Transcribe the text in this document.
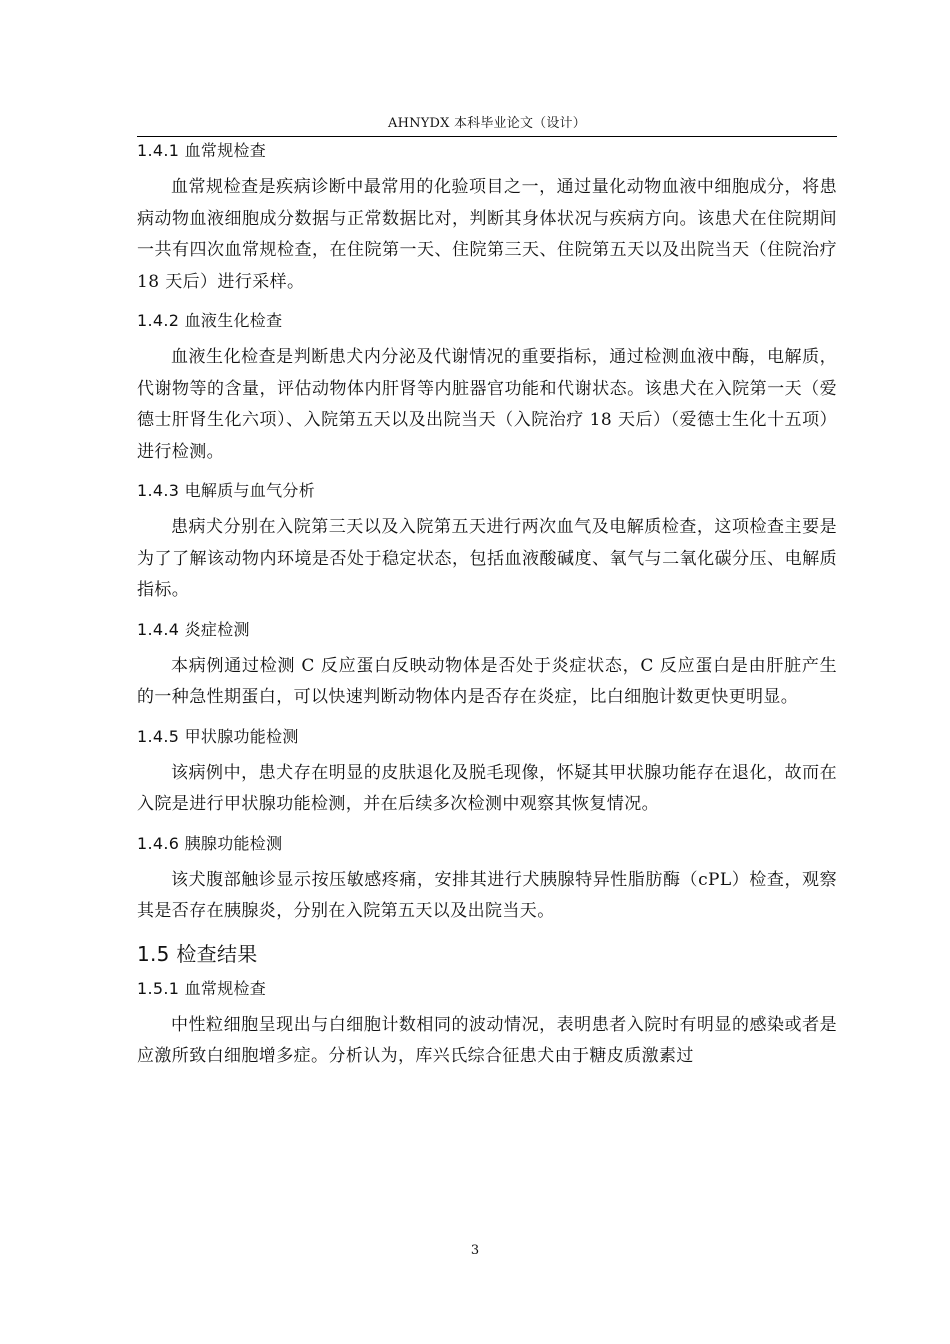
AHNYDX 本科毕业论文（设计）
1.4.1 血常规检查

血常规检查是疾病诊断中最常用的化验项目之一，通过量化动物血液中细胞成分，将患病动物血液细胞成分数据与正常数据比对，判断其身体状况与疾病方向。该患犬在住院期间一共有四次血常规检查，在住院第一天、住院第三天、住院第五天以及出院当天（住院治疗 18 天后）进行采样。

1.4.2 血液生化检查

血液生化检查是判断患犬内分泌及代谢情况的重要指标，通过检测血液中酶，电解质，代谢物等的含量，评估动物体内肝肾等内脏器官功能和代谢状态。该患犬在入院第一天（爱德士肝肾生化六项）、入院第五天以及出院当天（入院治疗 18 天后）（爱德士生化十五项）进行检测。

1.4.3 电解质与血气分析

患病犬分别在入院第三天以及入院第五天进行两次血气及电解质检查，这项检查主要是为了了解该动物内环境是否处于稳定状态，包括血液酸碱度、氧气与二氧化碳分压、电解质指标。

1.4.4 炎症检测

本病例通过检测 C 反应蛋白反映动物体是否处于炎症状态，C 反应蛋白是由肝脏产生的一种急性期蛋白，可以快速判断动物体内是否存在炎症，比白细胞计数更快更明显。

1.4.5 甲状腺功能检测

该病例中，患犬存在明显的皮肤退化及脱毛现像，怀疑其甲状腺功能存在退化，故而在入院是进行甲状腺功能检测，并在后续多次检测中观察其恢复情况。

1.4.6 胰腺功能检测

该犬腹部触诊显示按压敏感疼痛，安排其进行犬胰腺特异性脂肪酶（cPL）检查，观察其是否存在胰腺炎，分别在入院第五天以及出院当天。

1.5 检查结果
1.5.1 血常规检查

中性粒细胞呈现出与白细胞计数相同的波动情况，表明患者入院时有明显的感染或者是应激所致白细胞增多症。分析认为，库兴氏综合征患犬由于糖皮质激素过

3
